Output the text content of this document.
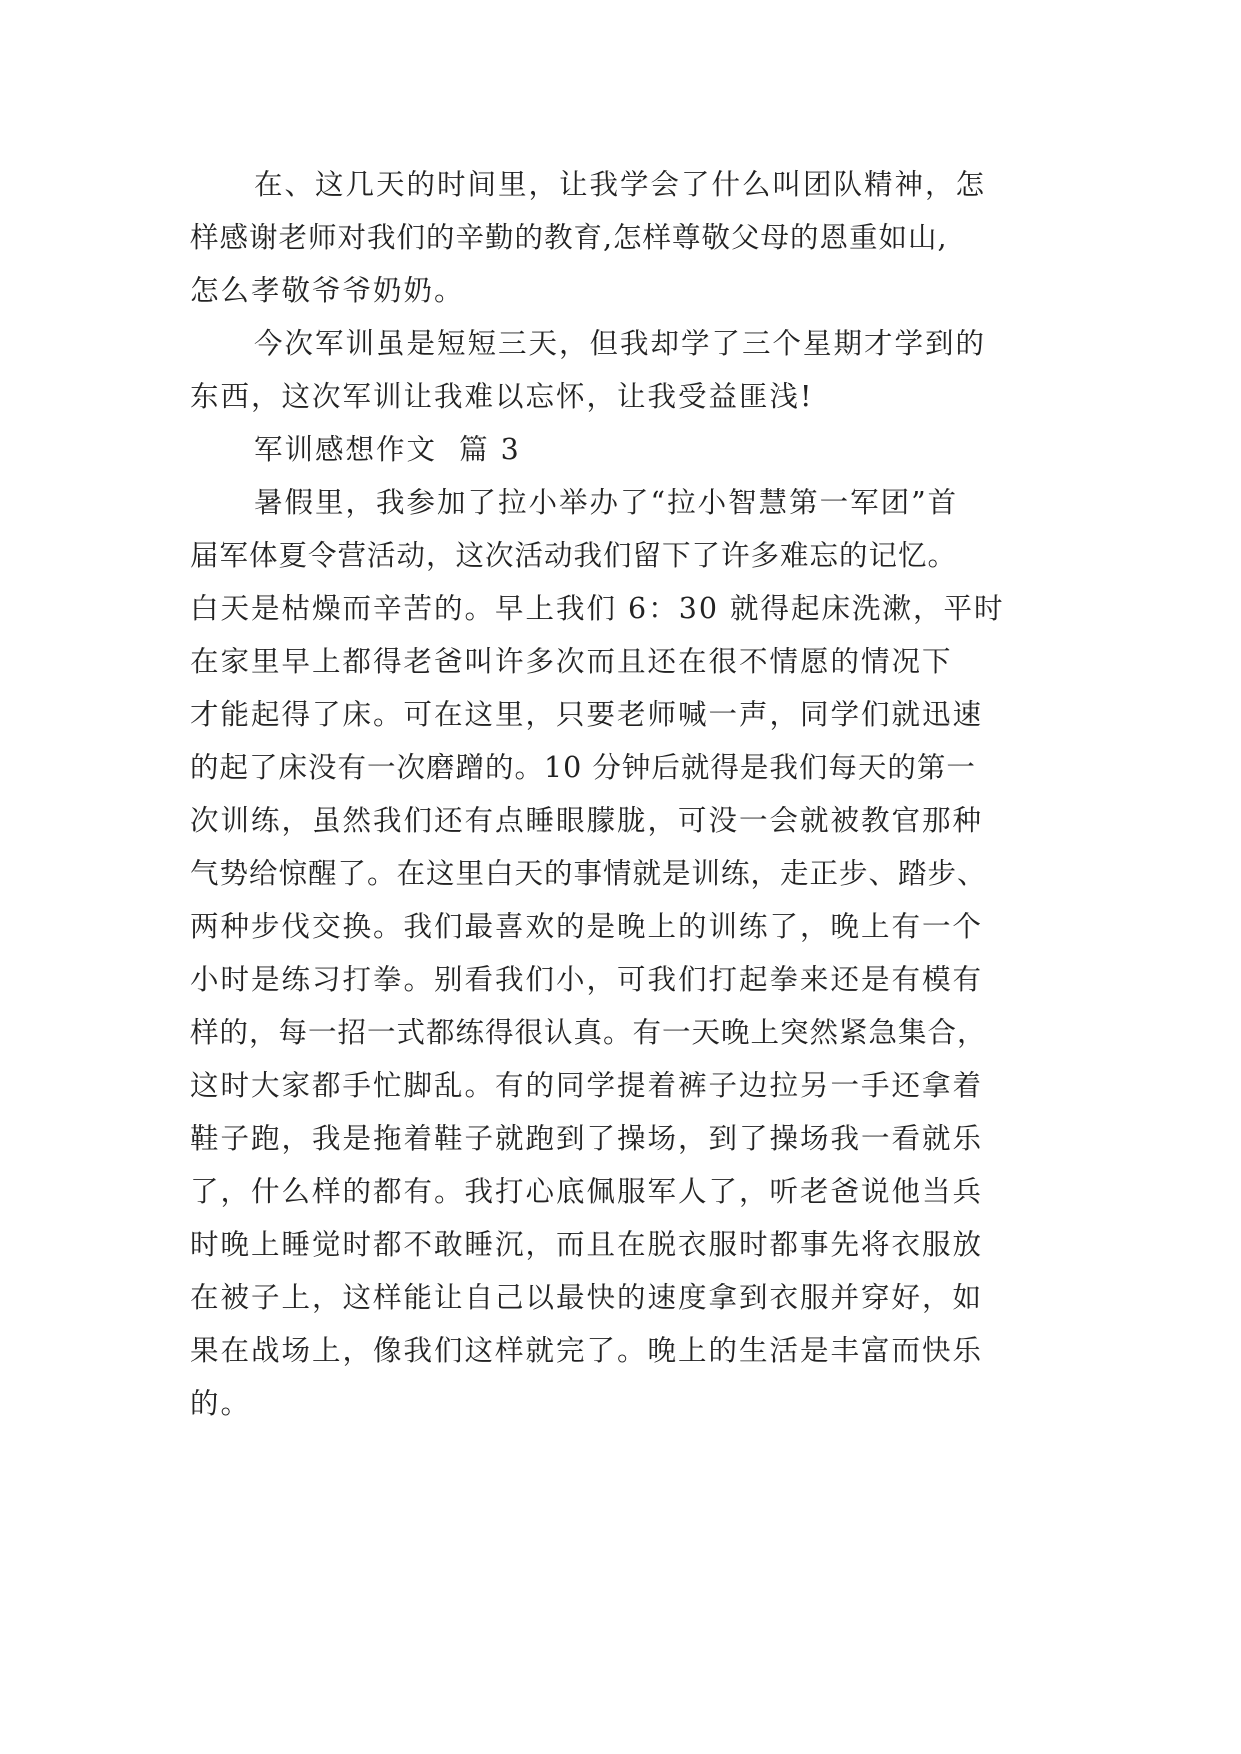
在、这几天的时间里，让我学会了什么叫团队精神，怎
样感谢老师对我们的辛勤的教育,怎样尊敬父母的恩重如山,
怎么孝敬爷爷奶奶。
今次军训虽是短短三天，但我却学了三个星期才学到的
东西，这次军训让我难以忘怀，让我受益匪浅!
军训感想作文  篇 3
暑假里，我参加了拉小举办了“拉小智慧第一军团”首
届军体夏令营活动，这次活动我们留下了许多难忘的记忆。
白天是枯燥而辛苦的。早上我们 6：30 就得起床洗漱，平时
在家里早上都得老爸叫许多次而且还在很不情愿的情况下
才能起得了床。可在这里，只要老师喊一声，同学们就迅速
的起了床没有一次磨蹭的。10 分钟后就得是我们每天的第一
次训练，虽然我们还有点睡眼朦胧，可没一会就被教官那种
气势给惊醒了。在这里白天的事情就是训练，走正步、踏步、
两种步伐交换。我们最喜欢的是晚上的训练了，晚上有一个
小时是练习打拳。别看我们小，可我们打起拳来还是有模有
样的，每一招一式都练得很认真。有一天晚上突然紧急集合，
这时大家都手忙脚乱。有的同学提着裤子边拉另一手还拿着
鞋子跑，我是拖着鞋子就跑到了操场，到了操场我一看就乐
了，什么样的都有。我打心底佩服军人了，听老爸说他当兵
时晚上睡觉时都不敢睡沉，而且在脱衣服时都事先将衣服放
在被子上，这样能让自己以最快的速度拿到衣服并穿好，如
果在战场上，像我们这样就完了。晚上的生活是丰富而快乐
的。
